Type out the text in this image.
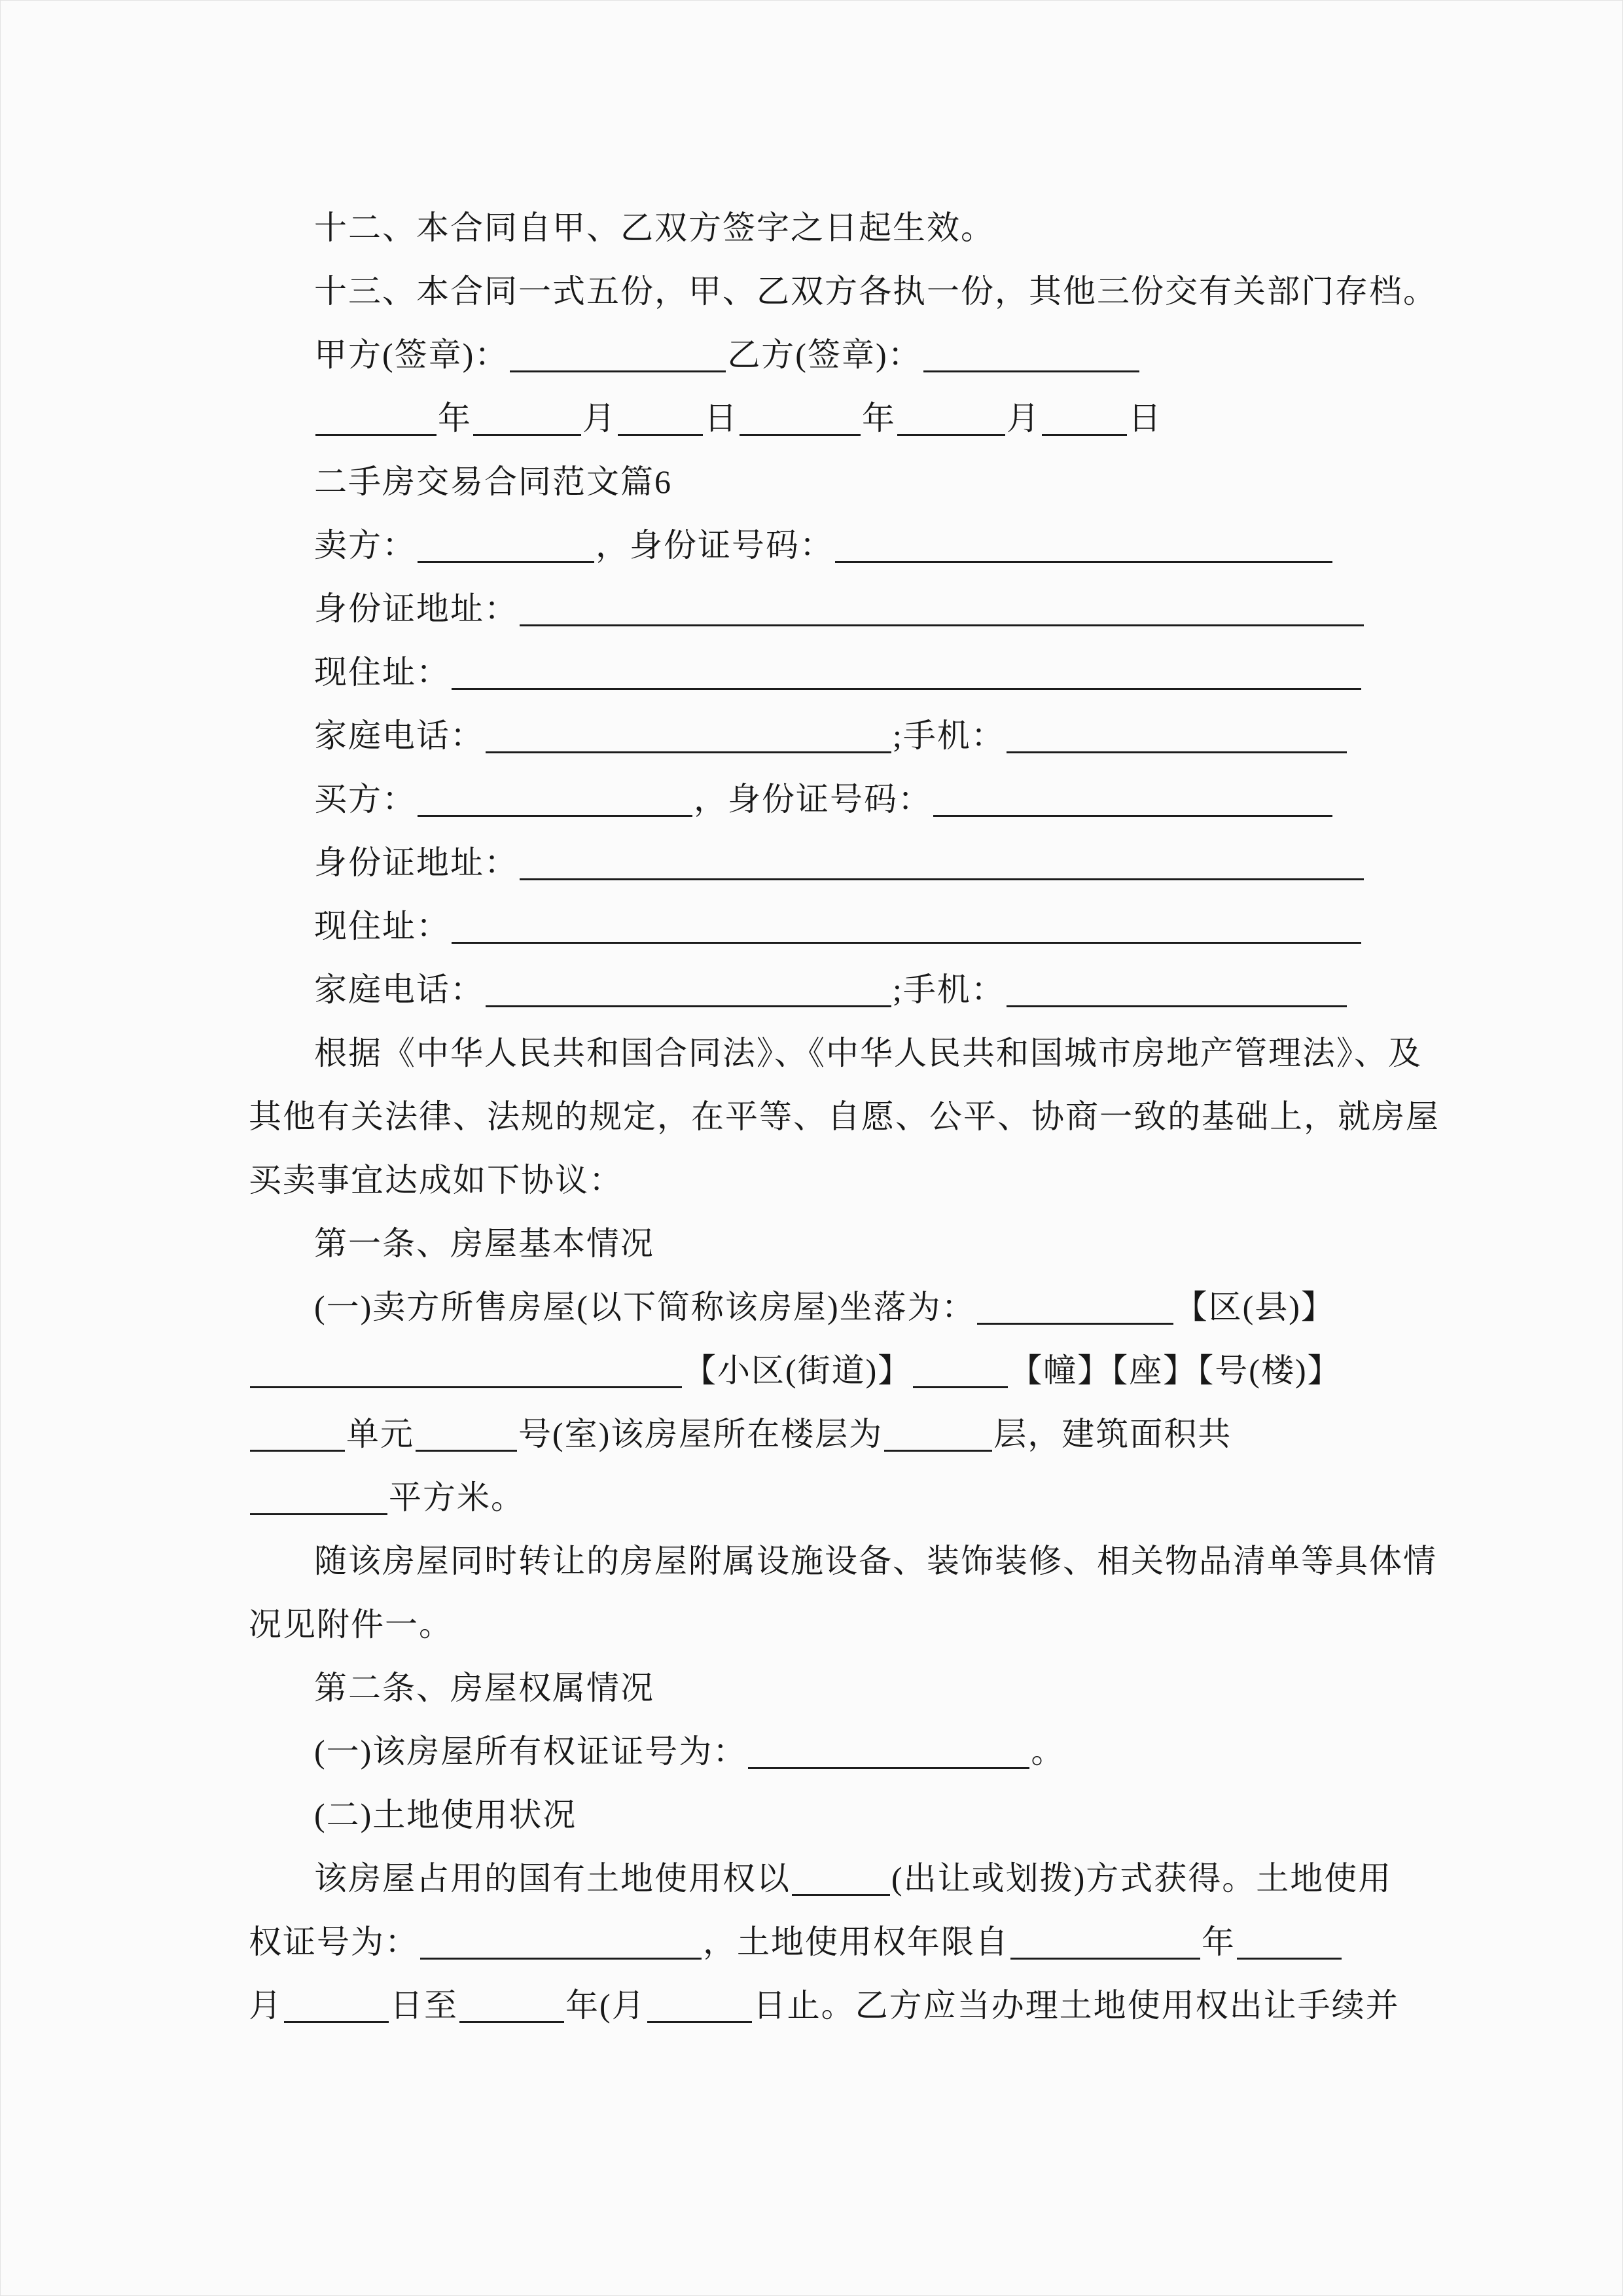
十二、本合同自甲、乙双方签字之日起生效。
十三、本合同一式五份，甲、乙双方各执一份，其他三份交有关部门存档。
甲方(签章)：	乙方(签章)：
年	月	日	年	月	日
二手房交易合同范文篇6
卖方：	，身份证号码：
身份证地址：
现住址：
家庭电话：	;手机：
买方：	，身份证号码：
身份证地址：
现住址：
家庭电话：	;手机：
根据《中华人民共和国合同法》、《中华人民共和国城市房地产管理法》、及
其他有关法律、法规的规定，在平等、自愿、公平、协商一致的基础上，就房屋
买卖事宜达成如下协议：
第一条、房屋基本情况
(一)卖方所售房屋(以下简称该房屋)坐落为：	【区(县)】
【小区(街道)】	【幢】【座】【号(楼)】
单元	号(室)该房屋所在楼层为	层，建筑面积共
平方米。
随该房屋同时转让的房屋附属设施设备、装饰装修、相关物品清单等具体情
况见附件一。
第二条、房屋权属情况
(一)该房屋所有权证证号为：	。
(二)土地使用状况
该房屋占用的国有土地使用权以	(出让或划拨)方式获得。土地使用
权证号为：	，土地使用权年限自	年
月	日至	年(月	日止。乙方应当办理土地使用权出让手续并
